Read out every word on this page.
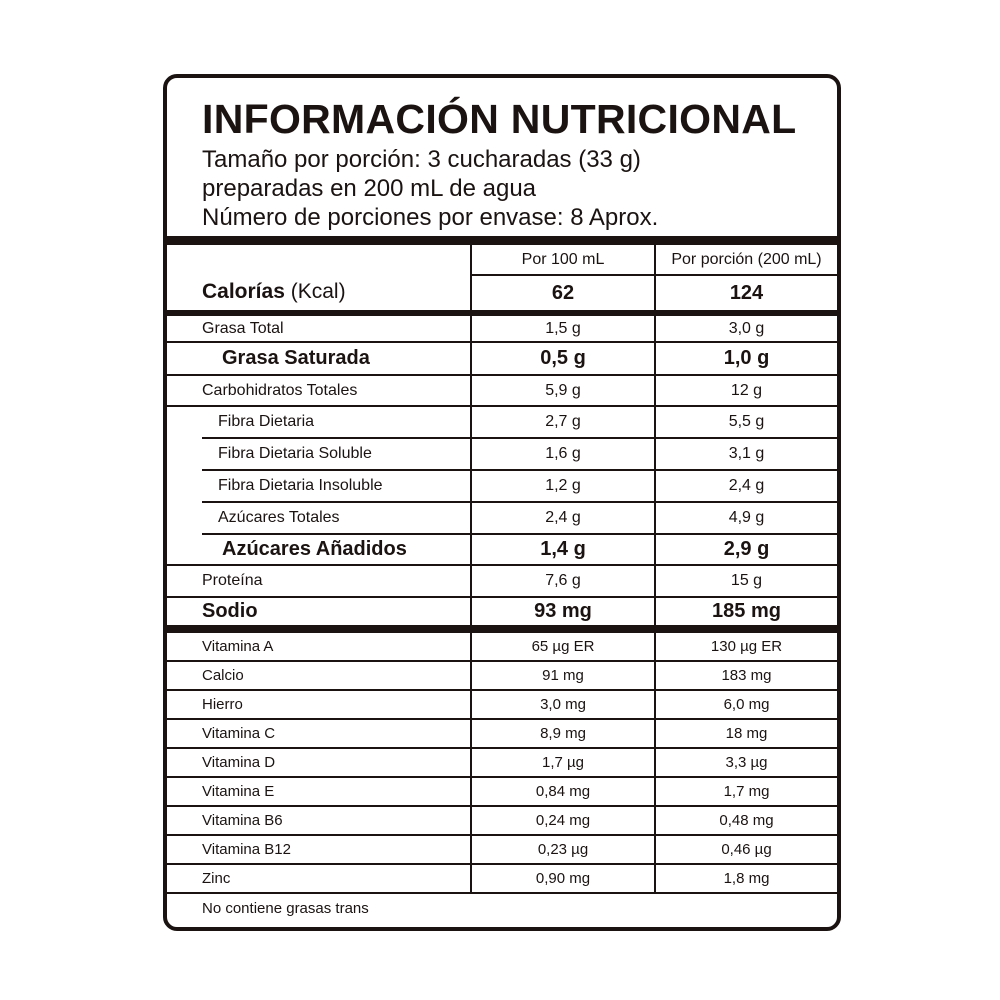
INFORMACIÓN NUTRICIONAL
Tamaño por porción: 3 cucharadas (33 g)
preparadas en 200 mL de agua
Número de porciones por envase: 8 Aprox.
Por 100 mL	Por porción (200 mL)
Calorías
(Kcal)	62	124
Grasa Total	1,5 g	3,0 g
Grasa Saturada	0,5 g	1,0 g
Carbohidratos Totales	5,9 g	12 g
Fibra Dietaria	2,7 g	5,5 g
Fibra Dietaria Soluble	1,6 g	3,1 g
Fibra Dietaria Insoluble	1,2 g	2,4 g
Azúcares Totales	2,4 g	4,9 g
Azúcares Añadidos	1,4 g	2,9 g
Proteína	7,6 g	15 g
Sodio	93 mg	185 mg
Vitamina A	65 µg ER	130 µg ER
Calcio	91 mg	183 mg
Hierro	3,0 mg	6,0 mg
Vitamina C	8,9 mg	18 mg
Vitamina D	1,7 µg	3,3 µg
Vitamina E	0,84 mg	1,7 mg
Vitamina B6	0,24 mg	0,48 mg
Vitamina B12	0,23 µg	0,46 µg
Zinc	0,90 mg	1,8 mg
No contiene grasas trans
